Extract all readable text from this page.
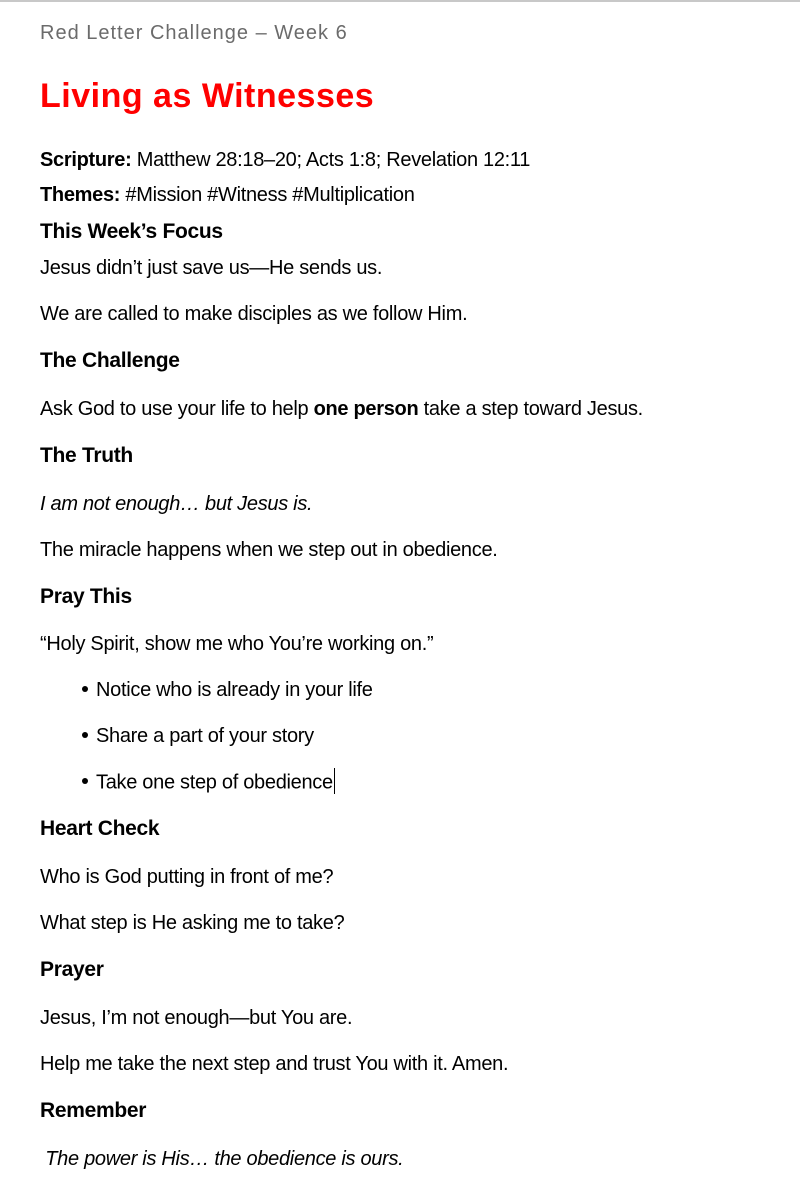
Red Letter Challenge – Week 6
Living as Witnesses
Scripture: Matthew 28:18–20; Acts 1:8; Revelation 12:11
Themes: #Mission #Witness #Multiplication
This Week’s Focus
Jesus didn’t just save us—He sends us.
We are called to make disciples as we follow Him.
The Challenge
Ask God to use your life to help one person take a step toward Jesus.
The Truth
I am not enough… but Jesus is.
The miracle happens when we step out in obedience.
Pray This
“Holy Spirit, show me who You’re working on.”
Notice who is already in your life
Share a part of your story
Take one step of obedience
Heart Check
Who is God putting in front of me?
What step is He asking me to take?
Prayer
Jesus, I’m not enough—but You are.
Help me take the next step and trust You with it. Amen.
Remember
The power is His… the obedience is ours.
